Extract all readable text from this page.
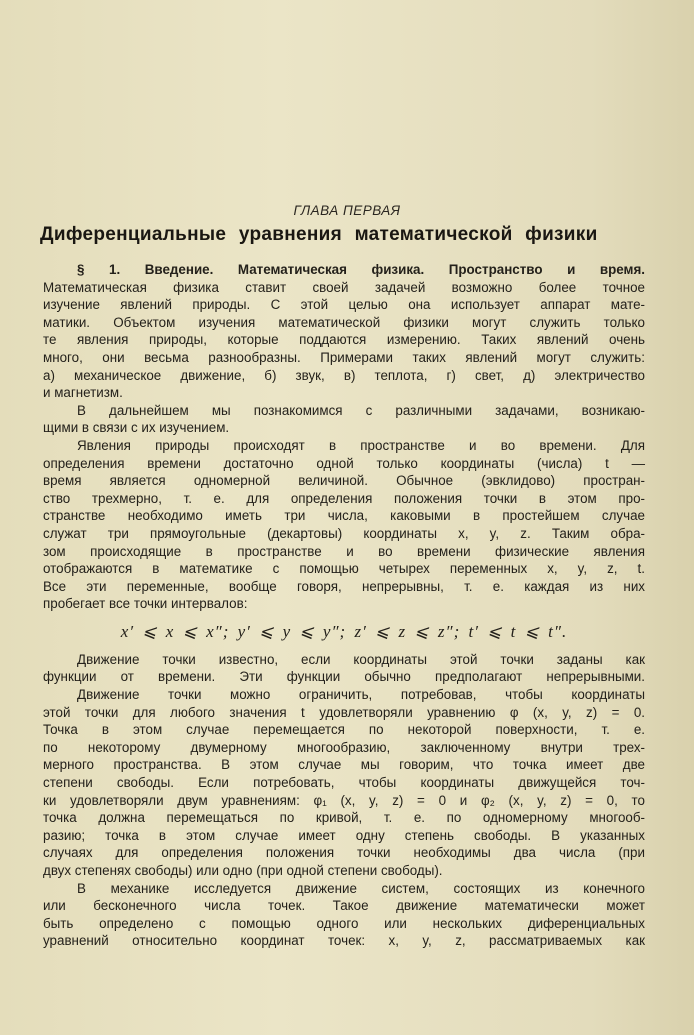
ГЛАВА ПЕРВАЯ
Диференциальные уравнения математической физики
§ 1. Введение. Математическая физика. Пространство и время.
Математическая физика ставит своей задачей возможно более точное
изучение явлений природы. С этой целью она использует аппарат мате-
матики. Объектом изучения математической физики могут служить только
те явления природы, которые поддаются измерению. Таких явлений очень
много, они весьма разнообразны. Примерами таких явлений могут служить:
а) механическое движение, б) звук, в) теплота, г) свет, д) электричество
и магнетизм.
В дальнейшем мы познакомимся с различными задачами, возникаю-
щими в связи с их изучением.
Явления природы происходят в пространстве и во времени. Для
определения времени достаточно одной только координаты (числа) t —
время является одномерной величиной. Обычное (эвклидово) простран-
ство трехмерно, т. е. для определения положения точки в этом про-
странстве необходимо иметь три числа, каковыми в простейшем случае
служат три прямоугольные (декартовы) координаты x, y, z. Таким обра-
зом происходящие в пространстве и во времени физические явления
отображаются в математике с помощью четырех переменных x, y, z, t.
Все эти переменные, вообще говоря, непрерывны, т. е. каждая из них
пробегает все точки интервалов:
x′ ⩽ x ⩽ x″; y′ ⩽ y ⩽ y″; z′ ⩽ z ⩽ z″; t′ ⩽ t ⩽ t″.
Движение точки известно, если координаты этой точки заданы как
функции от времени. Эти функции обычно предполагают непрерывными.
Движение точки можно ограничить, потребовав, чтобы координаты
этой точки для любого значения t удовлетворяли уравнению φ (x, y, z) = 0.
Точка в этом случае перемещается по некоторой поверхности, т. е.
по некоторому двумерному многообразию, заключенному внутри трех-
мерного пространства. В этом случае мы говорим, что точка имеет две
степени свободы. Если потребовать, чтобы координаты движущейся точ-
ки удовлетворяли двум уравнениям: φ₁ (x, y, z) = 0 и φ₂ (x, y, z) = 0, то
точка должна перемещаться по кривой, т. е. по одномерному многооб-
разию; точка в этом случае имеет одну степень свободы. В указанных
случаях для определения положения точки необходимы два числа (при
двух степенях свободы) или одно (при одной степени свободы).
В механике исследуется движение систем, состоящих из конечного
или бесконечного числа точек. Такое движение математически может
быть определено с помощью одного или нескольких диференциальных
уравнений относительно координат точек: x, y, z, рассматриваемых как
